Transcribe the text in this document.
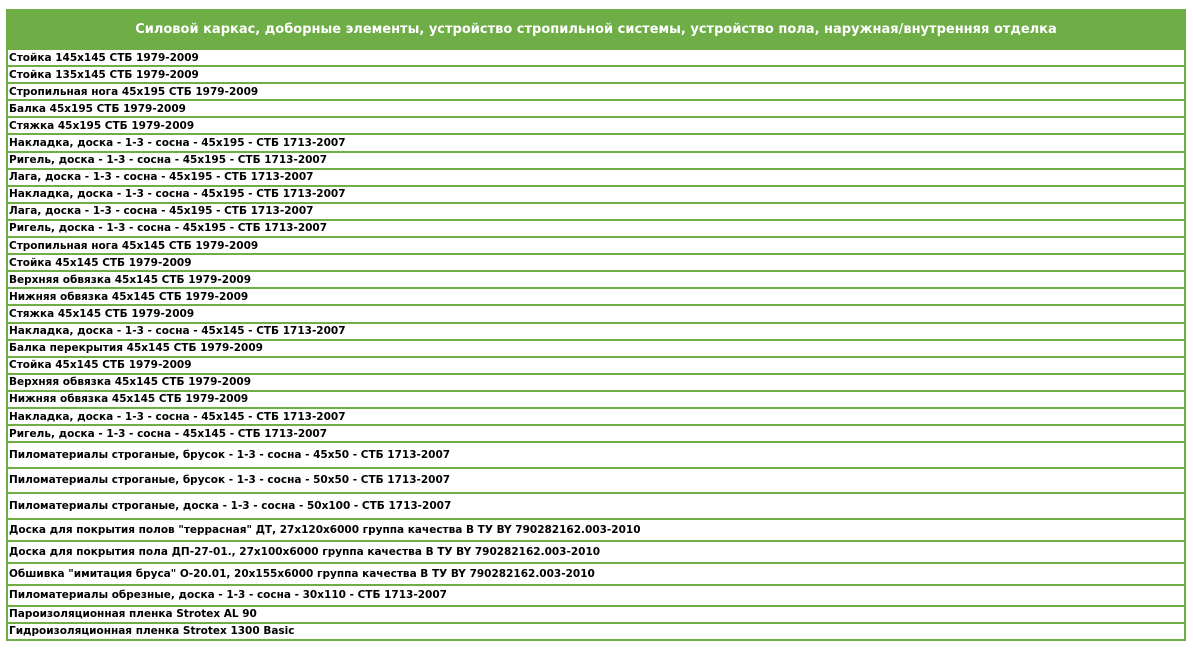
Силовой каркас, доборные элементы, устройство стропильной системы, устройство пола, наружная/внутренняя отделка
Стойка 145х145 СТБ 1979-2009
Стойка 135х145 СТБ 1979-2009
Стропильная нога 45х195 СТБ 1979-2009
Балка 45х195 СТБ 1979-2009
Стяжка 45х195 СТБ 1979-2009
Накладка, доска - 1-3 - сосна - 45х195 - СТБ 1713-2007
Ригель, доска - 1-3 - сосна - 45х195 - СТБ 1713-2007
Лага, доска - 1-3 - сосна - 45х195 - СТБ 1713-2007
Накладка, доска - 1-3 - сосна - 45х195 - СТБ 1713-2007
Лага, доска - 1-3 - сосна - 45х195 - СТБ 1713-2007
Ригель, доска - 1-3 - сосна - 45х195 - СТБ 1713-2007
Стропильная нога 45х145 СТБ 1979-2009
Стойка 45х145 СТБ 1979-2009
Верхняя обвязка 45х145 СТБ 1979-2009
Нижняя обвязка 45х145 СТБ 1979-2009
Стяжка 45х145 СТБ 1979-2009
Накладка, доска - 1-3 - сосна - 45х145 - СТБ 1713-2007
Балка перекрытия 45х145 СТБ 1979-2009
Стойка 45х145 СТБ 1979-2009
Верхняя обвязка 45х145 СТБ 1979-2009
Нижняя обвязка 45х145 СТБ 1979-2009
Накладка, доска - 1-3 - сосна - 45х145 - СТБ 1713-2007
Ригель, доска - 1-3 - сосна - 45х145 - СТБ 1713-2007
Пиломатериалы строганые, брусок - 1-3 - сосна - 45х50 - СТБ 1713-2007
Пиломатериалы строганые, брусок - 1-3 - сосна - 50х50 - СТБ 1713-2007
Пиломатериалы строганые, доска - 1-3 - сосна - 50х100 - СТБ 1713-2007
Доска для покрытия полов "террасная" ДТ, 27х120х6000 группа качества В ТУ BY 790282162.003-2010
Доска для покрытия пола ДП-27-01., 27х100х6000 группа качества В ТУ BY 790282162.003-2010
Обшивка "имитация бруса" О-20.01, 20х155х6000 группа качества В ТУ BY 790282162.003-2010
Пиломатериалы обрезные, доска - 1-3 - сосна - 30х110 - СТБ 1713-2007
Пароизоляционная пленка Strotex AL 90
Гидроизоляционная пленка Strotex 1300 Basic
